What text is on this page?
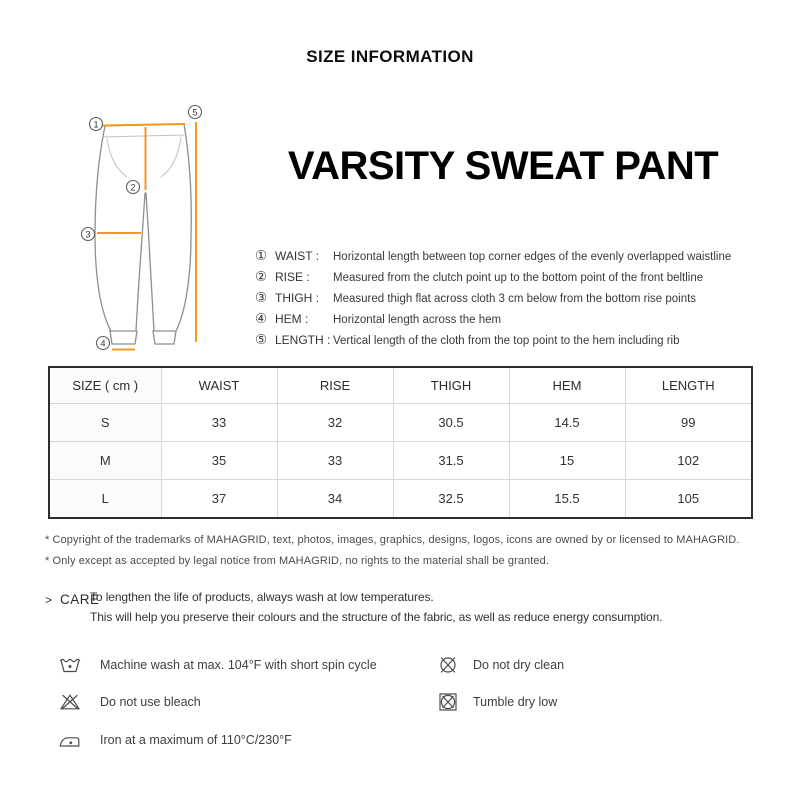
SIZE INFORMATION
1
2
3
4
5
VARSITY SWEAT PANT
① WAIST :	Horizontal length between top corner edges of the evenly overlapped waistline
② RISE :	Measured from the clutch point up to the bottom point of the front beltline
③ THIGH :	Measured thigh flat across cloth 3 cm below from the bottom rise points
④ HEM :	Horizontal length across the hem
⑤ LENGTH : Vertical length of the cloth from the top point to the hem including rib
SIZE ( cm )	WAIST	RISE	THIGH	HEM	LENGTH
S	33	32	30.5	14.5	99
M	35	33	31.5	15	102
L	37	34	32.5	15.5	105
* Copyright of the trademarks of MAHAGRID, text, photos, images, graphics, designs, logos, icons are owned by or licensed to MAHAGRID.
* Only except as accepted by legal notice from MAHAGRID, no rights to the material shall be granted.
> CARE
To lengthen the life of products, always wash at low temperatures.
This will help you preserve their colours and the structure of the fabric, as well as reduce energy consumption.
Machine wash at max. 104°F with short spin cycle
Do not use bleach
Iron at a maximum of 110°C/230°F
Do not dry clean
Tumble dry low
